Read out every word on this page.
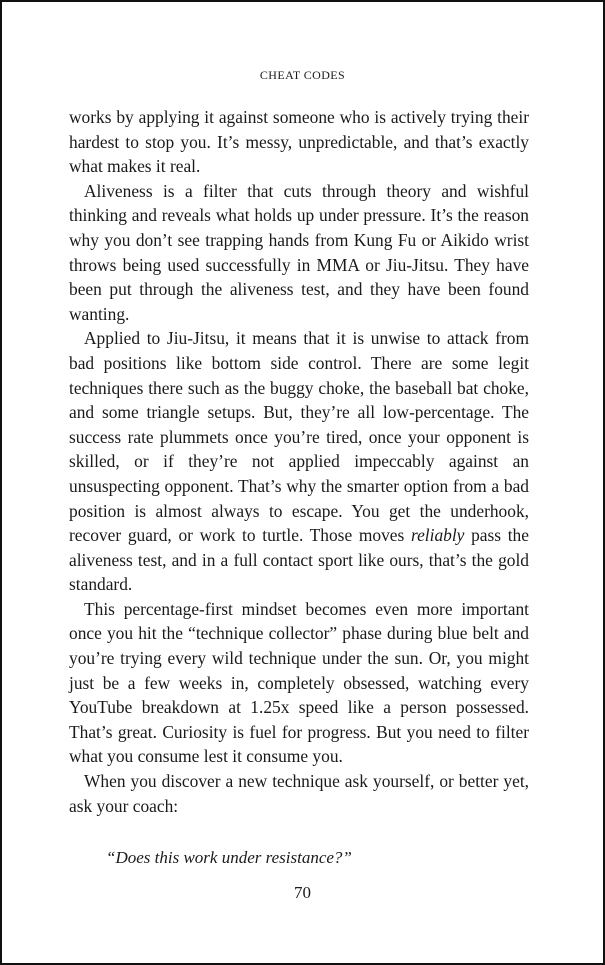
CHEAT CODES

works by applying it against someone who is actively trying their hardest to stop you. It’s messy, unpredictable, and that’s exactly what makes it real.

Aliveness is a filter that cuts through theory and wishful thinking and reveals what holds up under pressure. It’s the reason why you don’t see trapping hands from Kung Fu or Aikido wrist throws being used successfully in MMA or Jiu-Jitsu. They have been put through the aliveness test, and they have been found wanting.

Applied to Jiu-Jitsu, it means that it is unwise to attack from bad positions like bottom side control. There are some legit techniques there such as the buggy choke, the baseball bat choke, and some triangle setups. But, they’re all low-percentage. The success rate plummets once you’re tired, once your opponent is skilled, or if they’re not applied impeccably against an unsuspecting opponent. That’s why the smarter option from a bad position is almost always to escape. You get the underhook, recover guard, or work to turtle. Those moves reliably pass the aliveness test, and in a full contact sport like ours, that’s the gold standard.

This percentage-first mindset becomes even more important once you hit the “technique collector” phase during blue belt and you’re trying every wild technique under the sun. Or, you might just be a few weeks in, completely obsessed, watching every YouTube breakdown at 1.25x speed like a person possessed. That’s great. Curiosity is fuel for progress. But you need to filter what you consume lest it consume you.

When you discover a new technique ask yourself, or better yet, ask your coach:

“Does this work under resistance?”
70
